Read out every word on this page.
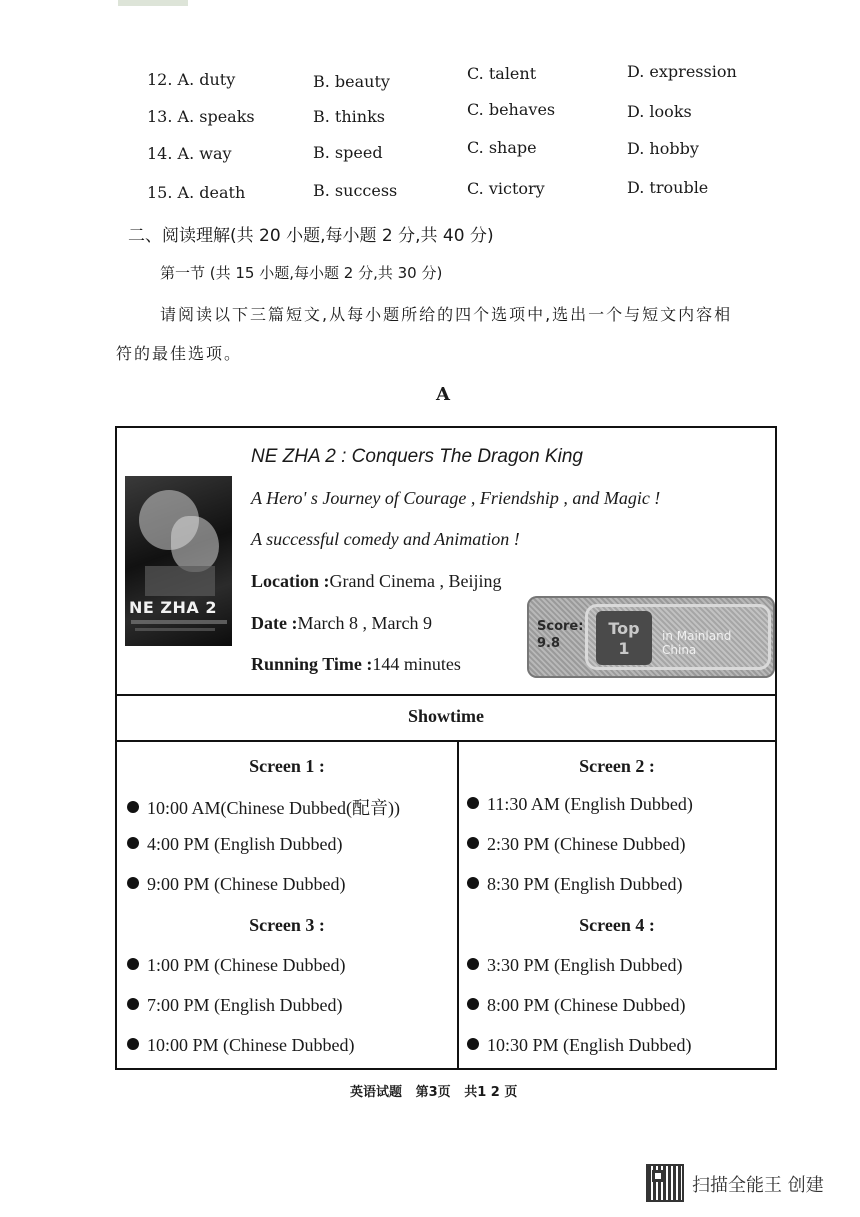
12. A. duty	B. beauty	C. talent	D. expression
13. A. speaks	B. thinks	C. behaves	D. looks
14. A. way	B. speed	C. shape	D. hobby
15. A. death	B. success	C. victory	D. trouble
二、阅读理解(共 20 小题,每小题 2 分,共 40 分)
第一节 (共 15 小题,每小题 2 分,共 30 分)
请阅读以下三篇短文,从每小题所给的四个选项中,选出一个与短文内容相
符的最佳选项。
A
NE ZHA 2
NE ZHA 2 : Conquers The Dragon King
A Hero' s Journey of Courage , Friendship , and Magic !
A successful comedy and Animation !
Location :Grand Cinema , Beijing
Date :March 8 , March 9
Running Time :144 minutes
Score:
9.8
Top
1
in Mainland China
Showtime
Screen 1 :
10:00 AM(Chinese Dubbed(配音))
4:00 PM (English Dubbed)
9:00 PM (Chinese Dubbed)
Screen 3 :
1:00 PM (Chinese Dubbed)
7:00 PM (English Dubbed)
10:00 PM (Chinese Dubbed)
Screen 2 :
11:30 AM (English Dubbed)
2:30 PM (Chinese Dubbed)
8:30 PM (English Dubbed)
Screen 4 :
3:30 PM (English Dubbed)
8:00 PM (Chinese Dubbed)
10:30 PM (English Dubbed)
英语试题   第3页   共1 2 页
扫描全能王 创建
